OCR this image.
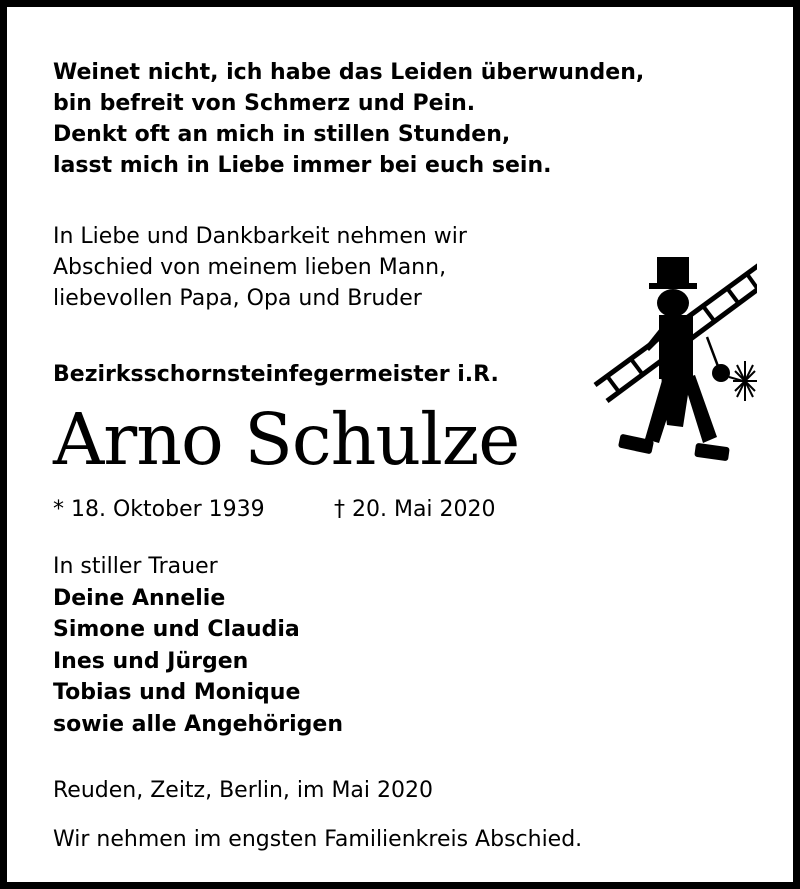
Weinet nicht, ich habe das Leiden überwunden,
bin befreit von Schmerz und Pein.
Denkt oft an mich in stillen Stunden,
lasst mich in Liebe immer bei euch sein.

In Liebe und Dankbarkeit nehmen wir
Abschied von meinem lieben Mann,
liebevollen Papa, Opa und Bruder

Bezirksschornsteinfegermeister i.R.

Arno Schulze
* 18. Oktober 1939	† 20. Mai 2020
In stiller Trauer
Deine Annelie
Simone und Claudia
Ines und Jürgen
Tobias und Monique
sowie alle Angehörigen

Reuden, Zeitz, Berlin, im Mai 2020

Wir nehmen im engsten Familienkreis Abschied.
